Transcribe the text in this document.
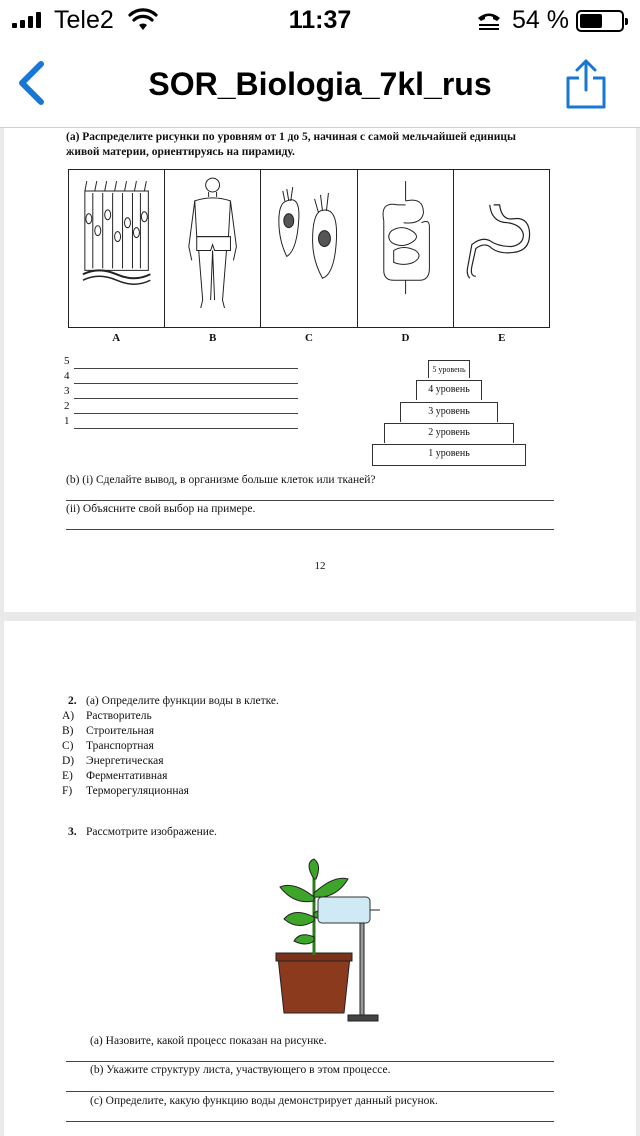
Tele2	11:37	54 %
SOR_Biologia_7kl_rus
(a) Распределите рисунки по уровням от 1 до 5, начиная с самой мельчайшей единицы
живой материи, ориентируясь на пирамиду.
A	B	C	D	E
5
4
3
2
1
5 уровень
4 уровень
3 уровень
2 уровень
1 уровень
(b) (i) Сделайте вывод, в организме больше клеток или тканей?
(ii) Объясните свой выбор на примере.
12
2. (a) Определите функции воды в клетке.
A) Растворитель
B) Строительная
C) Транспортная
D) Энергетическая
E) Ферментативная
F) Терморегуляционная
3. Рассмотрите изображение.
(a) Назовите, какой процесс показан на рисунке.
(b) Укажите структуру листа, участвующего в этом процессе.
(c) Определите, какую функцию воды демонстрирует данный рисунок.
